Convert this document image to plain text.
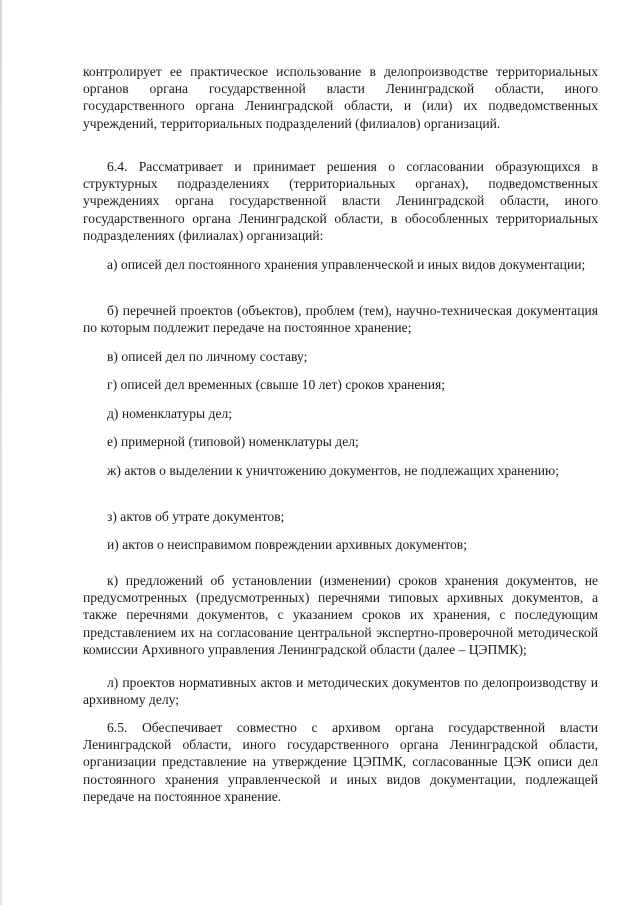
контролирует ее практическое использование в делопроизводстве территориальных органов органа государственной власти Ленинградской области, иного государственного органа Ленинградской области, и (или) их подведомственных учреждений, территориальных подразделений (филиалов) организаций.

6.4. Рассматривает и принимает решения о согласовании образующихся в структурных подразделениях (территориальных органах), подведомственных учреждениях органа государственной власти Ленинградской области, иного государственного органа Ленинградской области, в обособленных территориальных подразделениях (филиалах) организаций:

а) описей дел постоянного хранения управленческой и иных видов документации;

б) перечней проектов (объектов), проблем (тем), научно-техническая документация по которым подлежит передаче на постоянное хранение;

в) описей дел по личному составу;

г) описей дел временных (свыше 10 лет) сроков хранения;

д) номенклатуры дел;

е) примерной (типовой) номенклатуры дел;

ж) актов о выделении к уничтожению документов, не подлежащих хранению;

з) актов об утрате документов;

и) актов о неисправимом повреждении архивных документов;

к) предложений об установлении (изменении) сроков хранения документов, не предусмотренных (предусмотренных) перечнями типовых архивных документов, а также перечнями документов, с указанием сроков их хранения, с последующим представлением их на согласование центральной экспертно-проверочной методической комиссии Архивного управления Ленинградской области (далее – ЦЭПМК);

л) проектов нормативных актов и методических документов по делопроизводству и архивному делу;

6.5. Обеспечивает совместно с архивом органа государственной власти Ленинградской области, иного государственного органа Ленинградской области, организации представление на утверждение ЦЭПМК, согласованные ЦЭК описи дел постоянного хранения управленческой и иных видов документации, подлежащей передаче на постоянное хранение.
